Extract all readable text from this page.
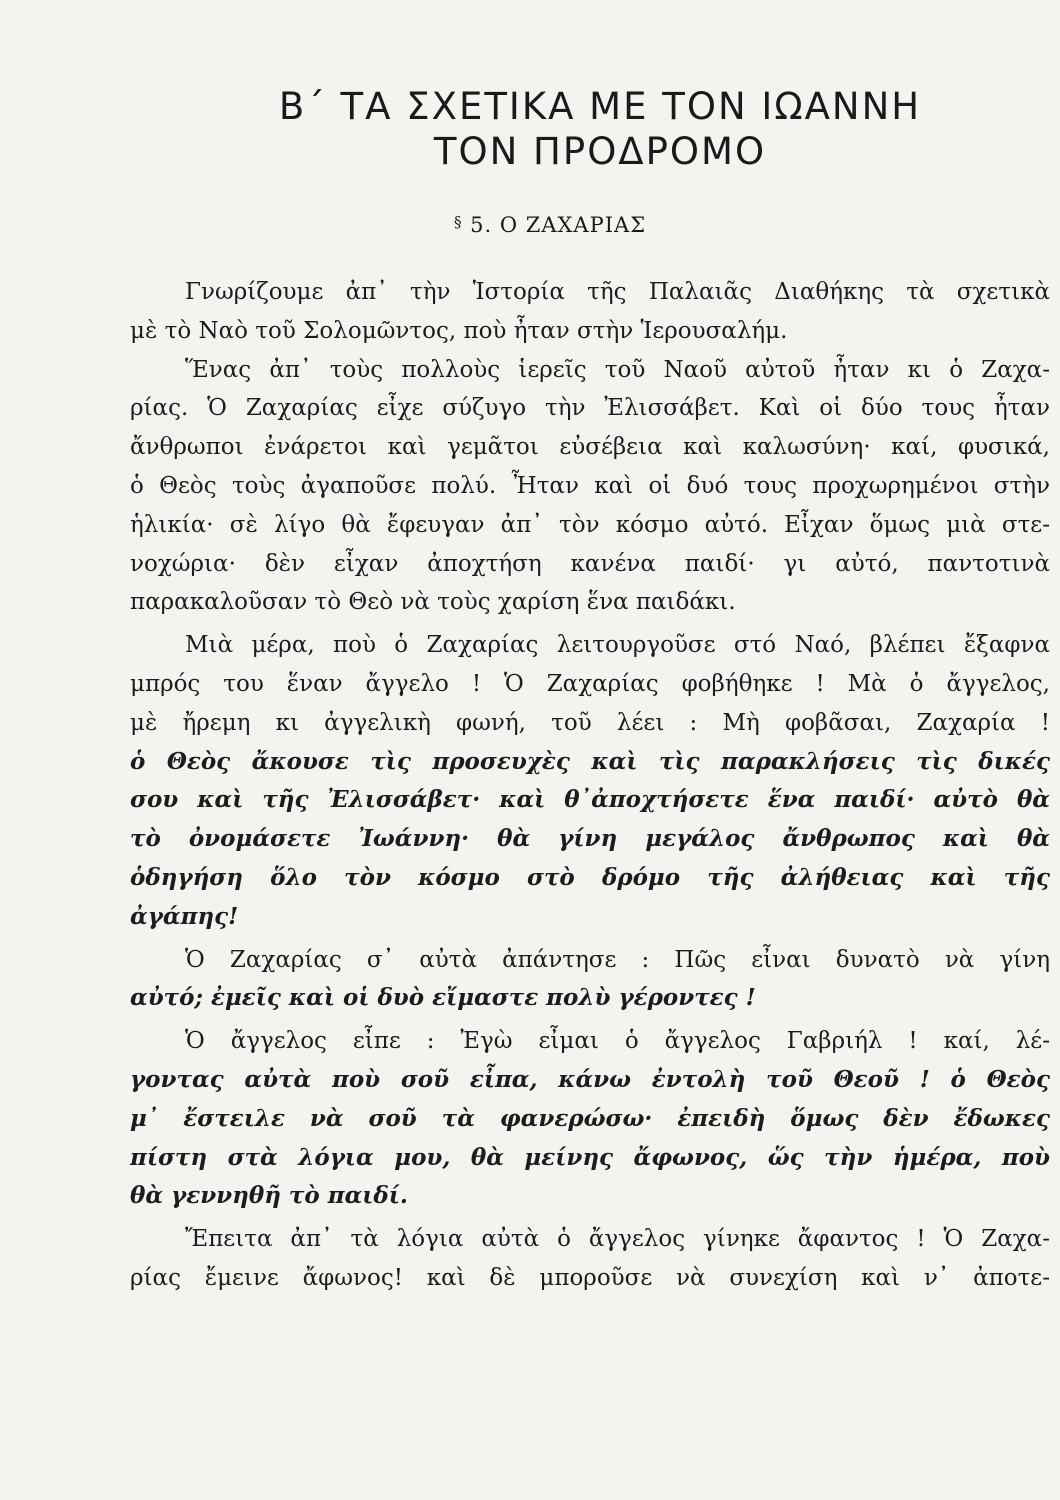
Β΄ ΤΑ ΣΧΕΤΙΚΑ ΜΕ ΤΟΝ ΙΩΑΝΝΗ
ΤΟΝ ΠΡΟΔΡΟΜΟ
§ 5. Ο ΖΑΧΑΡΙΑΣ
Γνωρίζουμε ἀπ᾽ τὴν Ἱστορία τῆς Παλαιᾶς Διαθήκης τὰ σχετικὰ
μὲ τὸ Ναὸ τοῦ Σολομῶντος, ποὺ ἦταν στὴν Ἱερουσαλήμ.
Ἕνας ἀπ᾽ τοὺς πολλοὺς ἱερεῖς τοῦ Ναοῦ αὐτοῦ ἦταν κι ὁ Ζαχα-
ρίας. Ὁ Ζαχαρίας εἶχε σύζυγο τὴν Ἐλισσάβετ. Καὶ οἱ δύο τους ἦταν
ἄνθρωποι ἐνάρετοι καὶ γεμᾶτοι εὐσέβεια καὶ καλωσύνη· καί, φυσικά,
ὁ Θεὸς τοὺς ἀγαποῦσε πολύ. Ἦταν καὶ οἱ δυό τους προχωρημένοι στὴν
ἡλικία· σὲ λίγο θὰ ἔφευγαν ἀπ᾽ τὸν κόσμο αὐτό. Εἶχαν ὅμως μιὰ στε-
νοχώρια· δὲν εἶχαν ἀποχτήση κανένα παιδί· γι αὐτό, παντοτινὰ
παρακαλοῦσαν τὸ Θεὸ νὰ τοὺς χαρίση ἕνα παιδάκι.
Μιὰ μέρα, ποὺ ὁ Ζαχαρίας λειτουργοῦσε στό Ναό, βλέπει ἔξαφνα
μπρός του ἕναν ἄγγελο ! Ὁ Ζαχαρίας φοβήθηκε ! Μὰ ὁ ἄγγελος,
μὲ ἤρεμη κι ἀγγελικὴ φωνή, τοῦ λέει : Μὴ φοβᾶσαι, Ζαχαρία !
ὁ Θεὸς ἄκουσε τὶς προσευχὲς καὶ τὶς παρακλήσεις τὶς δικές
σου καὶ τῆς Ἐλισσάβετ· καὶ θ᾽ἀποχτήσετε ἕνα παιδί· αὐτὸ θὰ
τὸ ὀνομάσετε Ἰωάννη· θὰ γίνη μεγάλος ἄνθρωπος καὶ θὰ
ὁδηγήση ὅλο τὸν κόσμο στὸ δρόμο τῆς ἀλήθειας καὶ τῆς
ἀγάπης!
Ὁ Ζαχαρίας σ᾽ αὐτὰ ἀπάντησε : Πῶς εἶναι δυνατὸ νὰ γίνη
αὐτό; ἐμεῖς καὶ οἱ δυὸ εἴμαστε πολὺ γέροντες !
Ὁ ἄγγελος εἶπε : Ἐγὼ εἶμαι ὁ ἄγγελος Γαβριήλ ! καί, λέ-
γοντας αὐτὰ ποὺ σοῦ εἶπα, κάνω ἐντολὴ τοῦ Θεοῦ ! ὁ Θεὸς
μ᾽ ἔστειλε νὰ σοῦ τὰ φανερώσω· ἐπειδὴ ὅμως δὲν ἔδωκες
πίστη στὰ λόγια μου, θὰ μείνης ἄφωνος, ὥς τὴν ἡμέρα, ποὺ
θὰ γεννηθῆ τὸ παιδί.
Ἔπειτα ἀπ᾽ τὰ λόγια αὐτὰ ὁ ἄγγελος γίνηκε ἄφαντος ! Ὁ Ζαχα-
ρίας ἔμεινε ἄφωνος! καὶ δὲ μποροῦσε νὰ συνεχίση καὶ ν᾽ ἀποτε-
